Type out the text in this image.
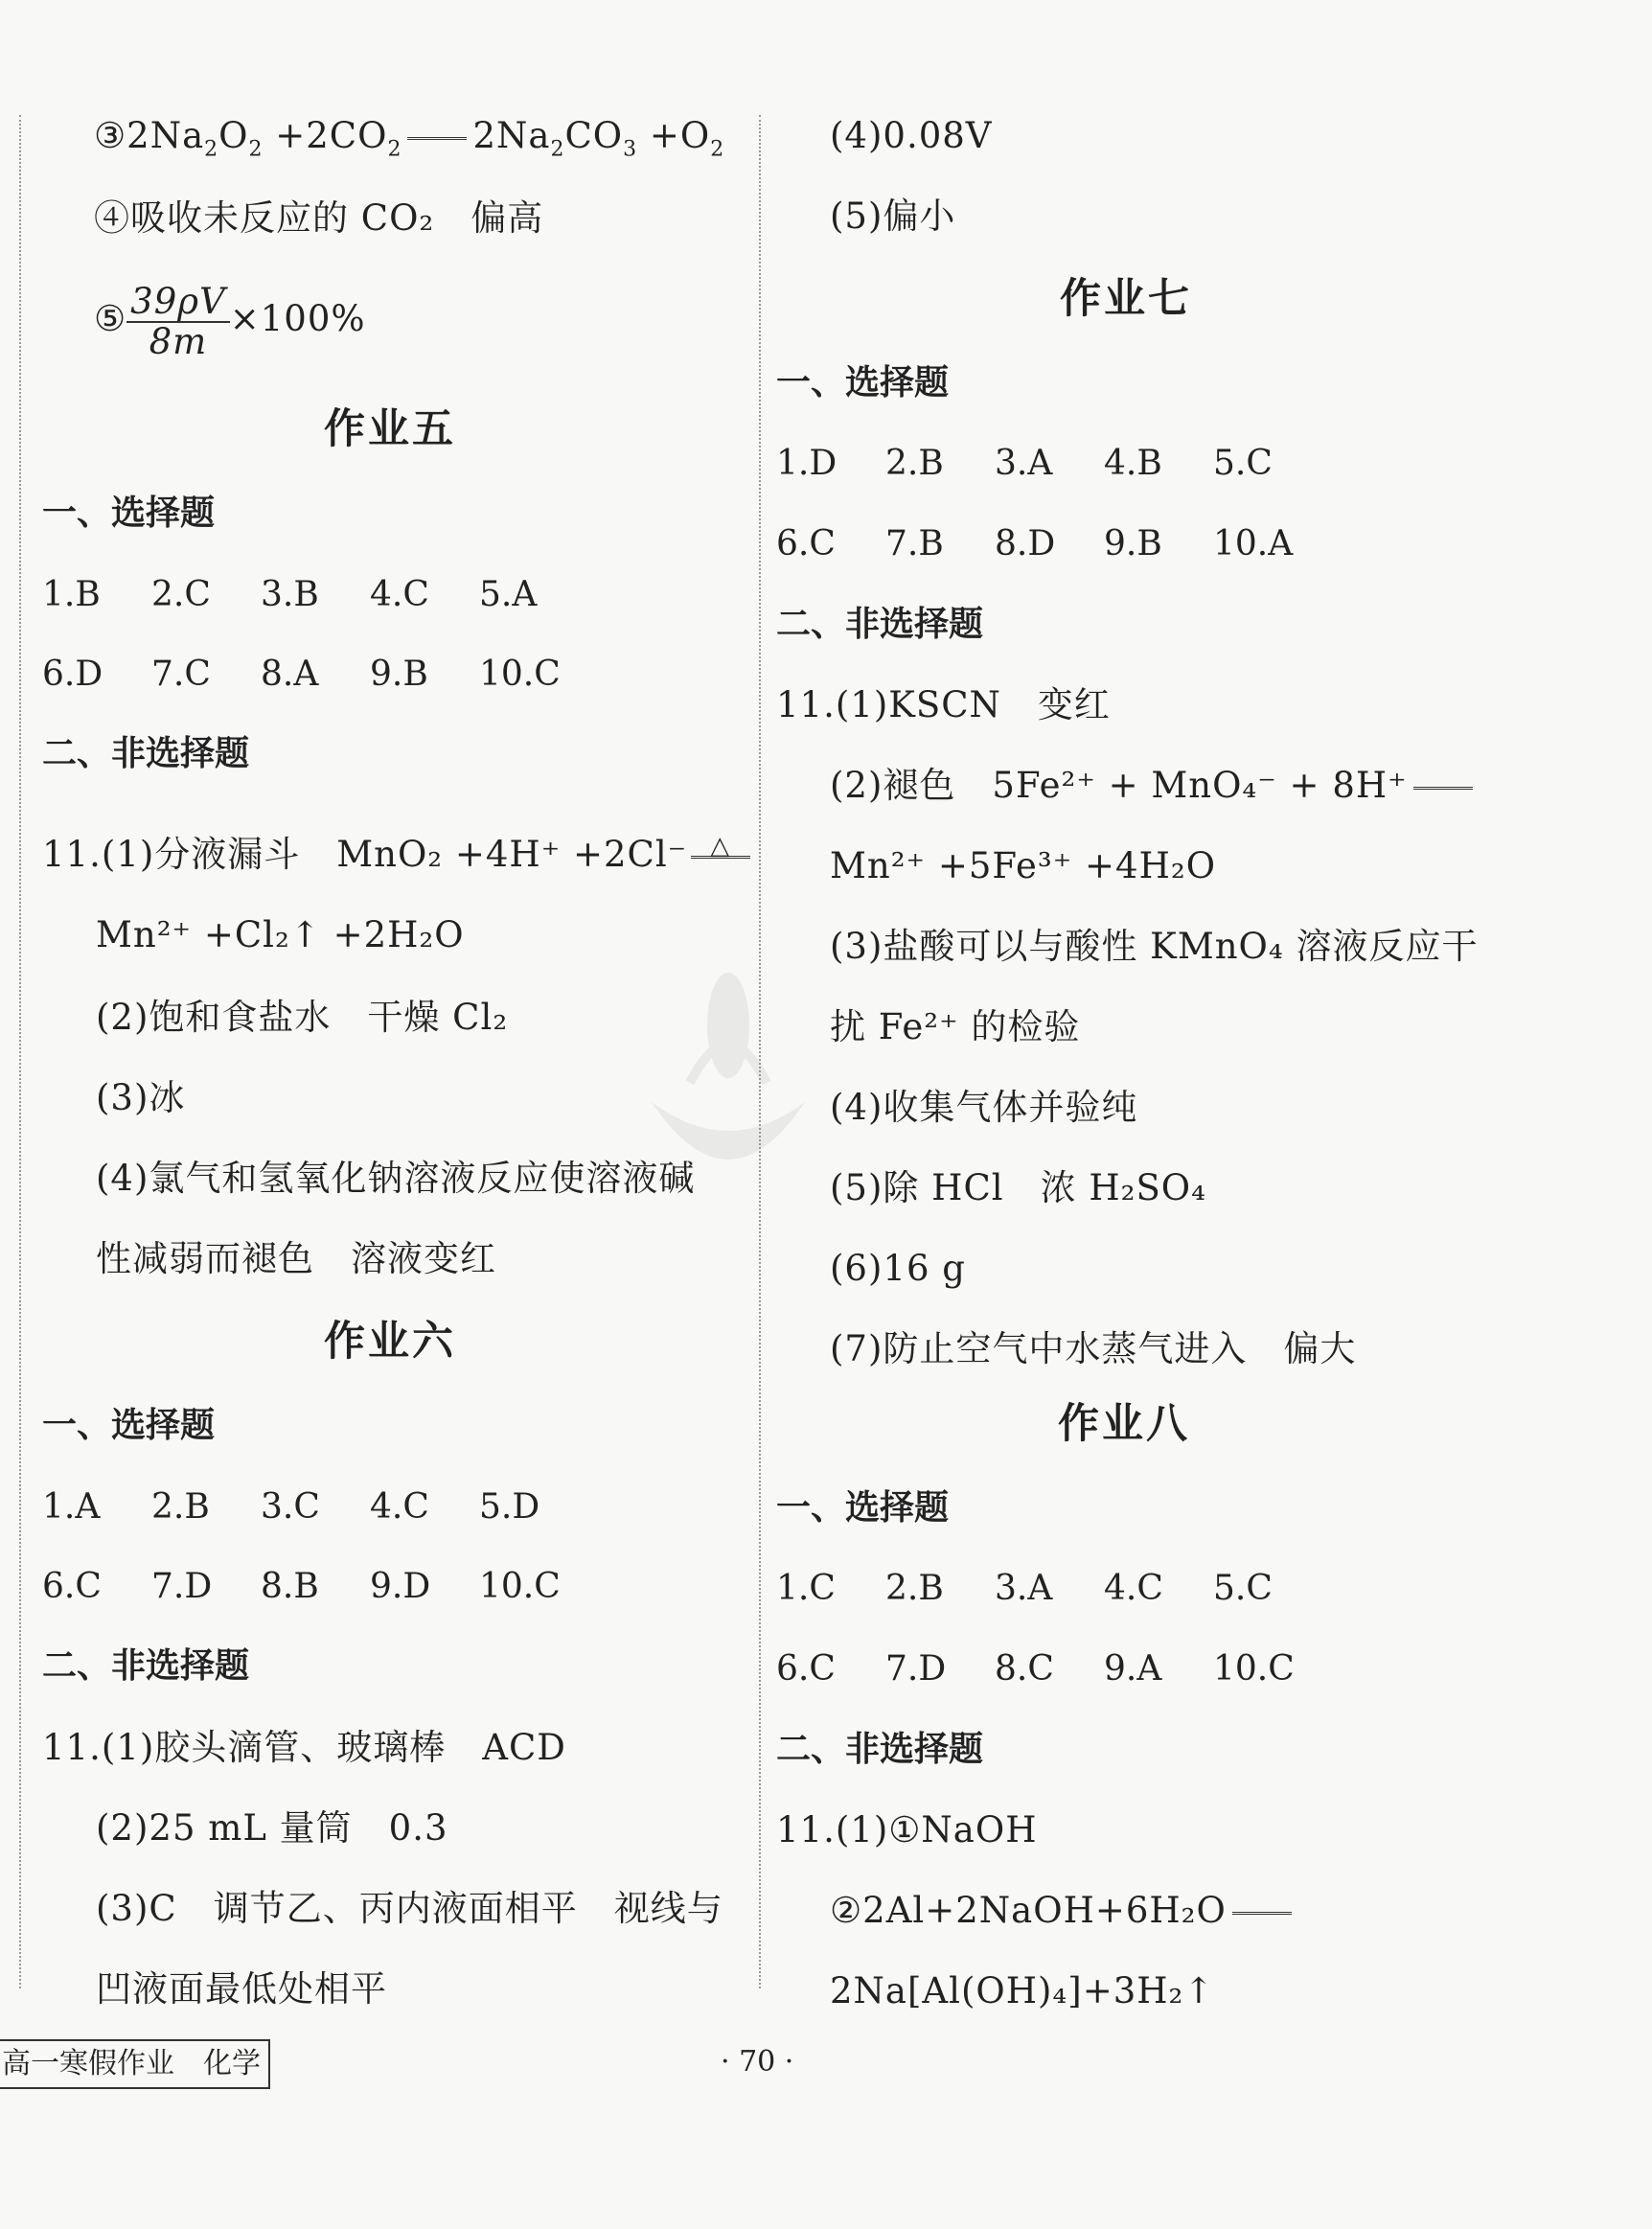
$③2Na_2O_2 +2CO_2$ $2Na_2CO_3 +O_2$
④吸收未反应的 CO₂　偏高
⑤ $\frac{39\rho V}{8m} \times 100\%$
作业五
一、选择题
1.B 2.C 3.B 4.C 5.A
6.D 7.C 8.A 9.B 10.C
二、非选择题
11.(1)分液漏斗　MnO₂ +4H⁺ +2Cl⁻ △
Mn²⁺ +Cl₂↑ +2H₂O
(2)饱和食盐水　干燥 Cl₂
(3)冰
(4)氯气和氢氧化钠溶液反应使溶液碱
性减弱而褪色　溶液变红
作业六
一、选择题
1.A 2.B 3.C 4.C 5.D
6.C 7.D 8.B 9.D 10.C
二、非选择题
11.(1)胶头滴管、玻璃棒　ACD
(2)25 mL 量筒　0.3
(3)C　调节乙、丙内液面相平　视线与
凹液面最低处相平
(4)0.08V
(5)偏小
作业七
一、选择题
1.D 2.B 3.A 4.B 5.C
6.C 7.B 8.D 9.B 10.A
二、非选择题
11.(1)KSCN　变红
(2)褪色　5Fe²⁺ + MnO₄⁻ + 8H⁺
Mn²⁺ +5Fe³⁺ +4H₂O
(3)盐酸可以与酸性 KMnO₄ 溶液反应干
扰 Fe²⁺ 的检验
(4)收集气体并验纯
(5)除 HCl　浓 H₂SO₄
(6)16 g
(7)防止空气中水蒸气进入　偏大
作业八
一、选择题
1.C 2.B 3.A 4.C 5.C
6.C 7.D 8.C 9.A 10.C
二、非选择题
11.(1)①NaOH
②2Al+2NaOH+6H₂O
2Na[Al(OH)₄]+3H₂↑
高一寒假作业　化学	· 70 ·
